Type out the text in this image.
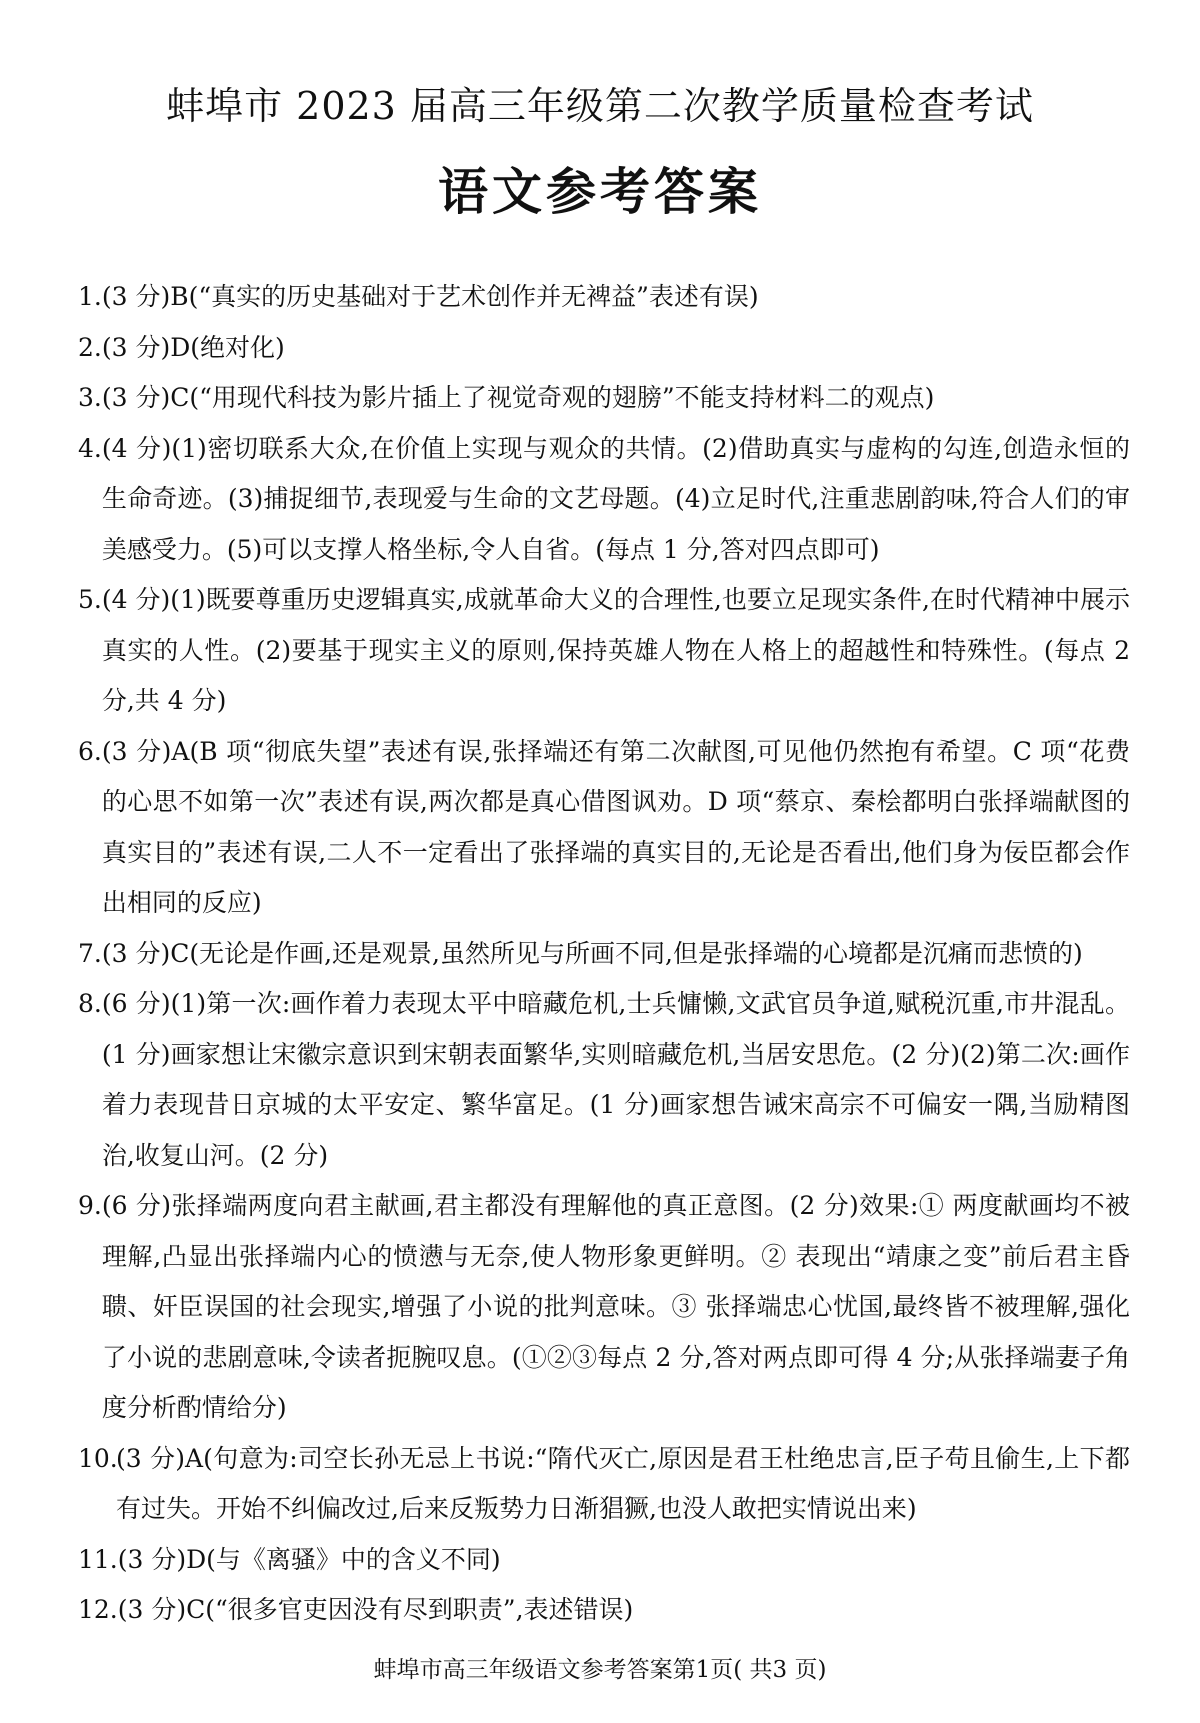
蚌埠市 2023 届高三年级第二次教学质量检查考试
语文参考答案
1. (3 分)B(“真实的历史基础对于艺术创作并无裨益”表述有误)
2. (3 分)D(绝对化)
3. (3 分)C(“用现代科技为影片插上了视觉奇观的翅膀”不能支持材料二的观点)
4. (4 分)(1)密切联系大众,在价值上实现与观众的共情。(2)借助真实与虚构的勾连,创造永恒的生命奇迹。(3)捕捉细节,表现爱与生命的文艺母题。(4)立足时代,注重悲剧韵味,符合人们的审美感受力。(5)可以支撑人格坐标,令人自省。(每点 1 分,答对四点即可)
5. (4 分)(1)既要尊重历史逻辑真实,成就革命大义的合理性,也要立足现实条件,在时代精神中展示真实的人性。(2)要基于现实主义的原则,保持英雄人物在人格上的超越性和特殊性。(每点 2 分,共 4 分)
6. (3 分)A(B 项“彻底失望”表述有误,张择端还有第二次献图,可见他仍然抱有希望。C 项“花费的心思不如第一次”表述有误,两次都是真心借图讽劝。D 项“蔡京、秦桧都明白张择端献图的真实目的”表述有误,二人不一定看出了张择端的真实目的,无论是否看出,他们身为佞臣都会作出相同的反应)
7. (3 分)C(无论是作画,还是观景,虽然所见与所画不同,但是张择端的心境都是沉痛而悲愤的)
8. (6 分)(1)第一次:画作着力表现太平中暗藏危机,士兵慵懒,文武官员争道,赋税沉重,市井混乱。(1 分)画家想让宋徽宗意识到宋朝表面繁华,实则暗藏危机,当居安思危。(2 分)(2)第二次:画作着力表现昔日京城的太平安定、繁华富足。(1 分)画家想告诫宋高宗不可偏安一隅,当励精图治,收复山河。(2 分)
9. (6 分)张择端两度向君主献画,君主都没有理解他的真正意图。(2 分)效果:① 两度献画均不被理解,凸显出张择端内心的愤懑与无奈,使人物形象更鲜明。② 表现出“靖康之变”前后君主昏聩、奸臣误国的社会现实,增强了小说的批判意味。③ 张择端忠心忧国,最终皆不被理解,强化了小说的悲剧意味,令读者扼腕叹息。(①②③每点 2 分,答对两点即可得 4 分;从张择端妻子角度分析酌情给分)
10.
(3 分)A(句意为:司空长孙无忌上书说:“隋代灭亡,原因是君王杜绝忠言,臣子苟且偷生,上下都有过失。开始不纠偏改过,后来反叛势力日渐猖獗,也没人敢把实情说出来)
11. (3 分)D(与《离骚》中的含义不同)
12. (3 分)C(“很多官吏因没有尽到职责”,表述错误)
蚌埠市高三年级语文参考答案第1页( 共3 页)
